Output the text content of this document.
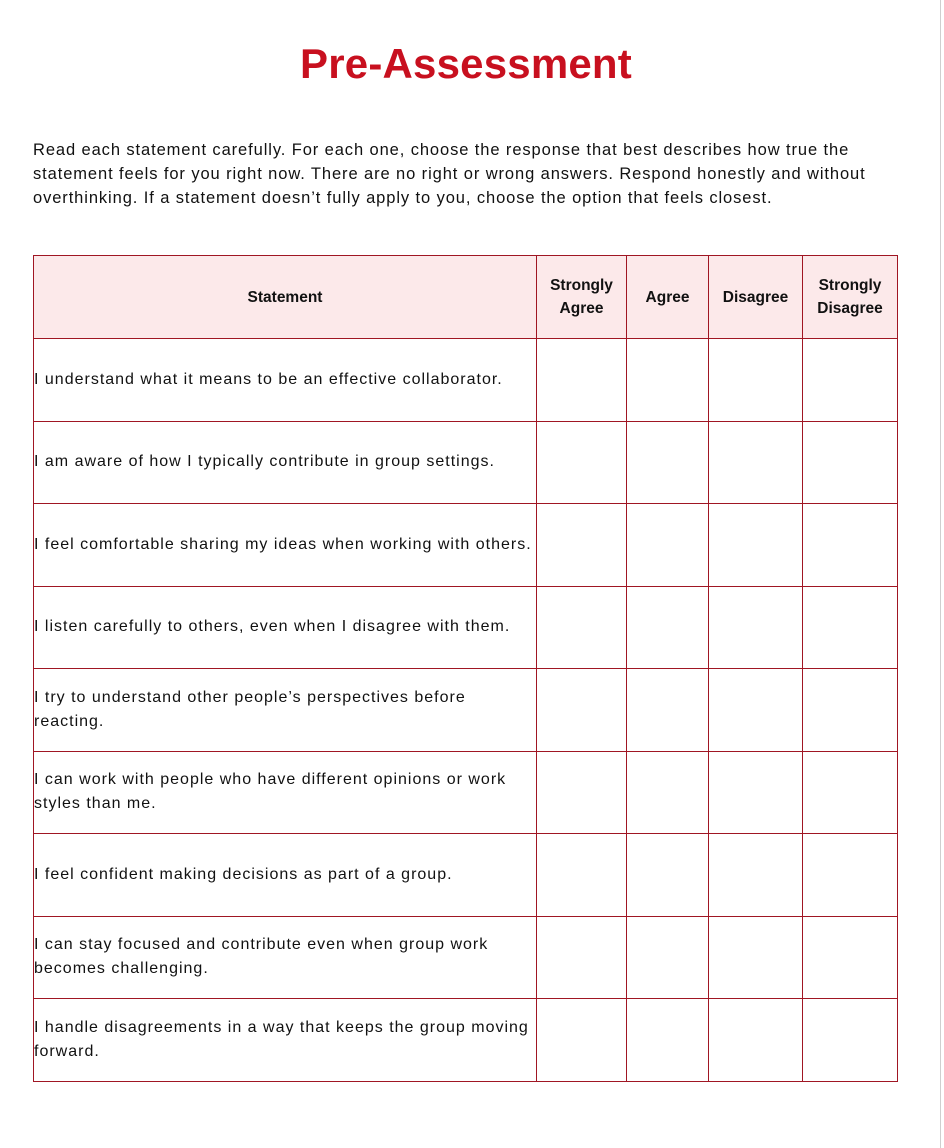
Pre-Assessment

Read each statement carefully. For each one, choose the response that best describes how true the statement feels for you right now. There are no right or wrong answers. Respond honestly and without overthinking. If a statement doesn’t fully apply to you, choose the option that feels closest.

Statement	Strongly Agree	Agree	Disagree	Strongly Disagree
I understand what it means to be an effective collaborator.				
I am aware of how I typically contribute in group settings.				
I feel comfortable sharing my ideas when working with others.				
I listen carefully to others, even when I disagree with them.				
I try to understand other people’s perspectives before reacting.				
I can work with people who have different opinions or work styles than me.				
I feel confident making decisions as part of a group.				
I can stay focused and contribute even when group work becomes challenging.				
I handle disagreements in a way that keeps the group moving forward.				
